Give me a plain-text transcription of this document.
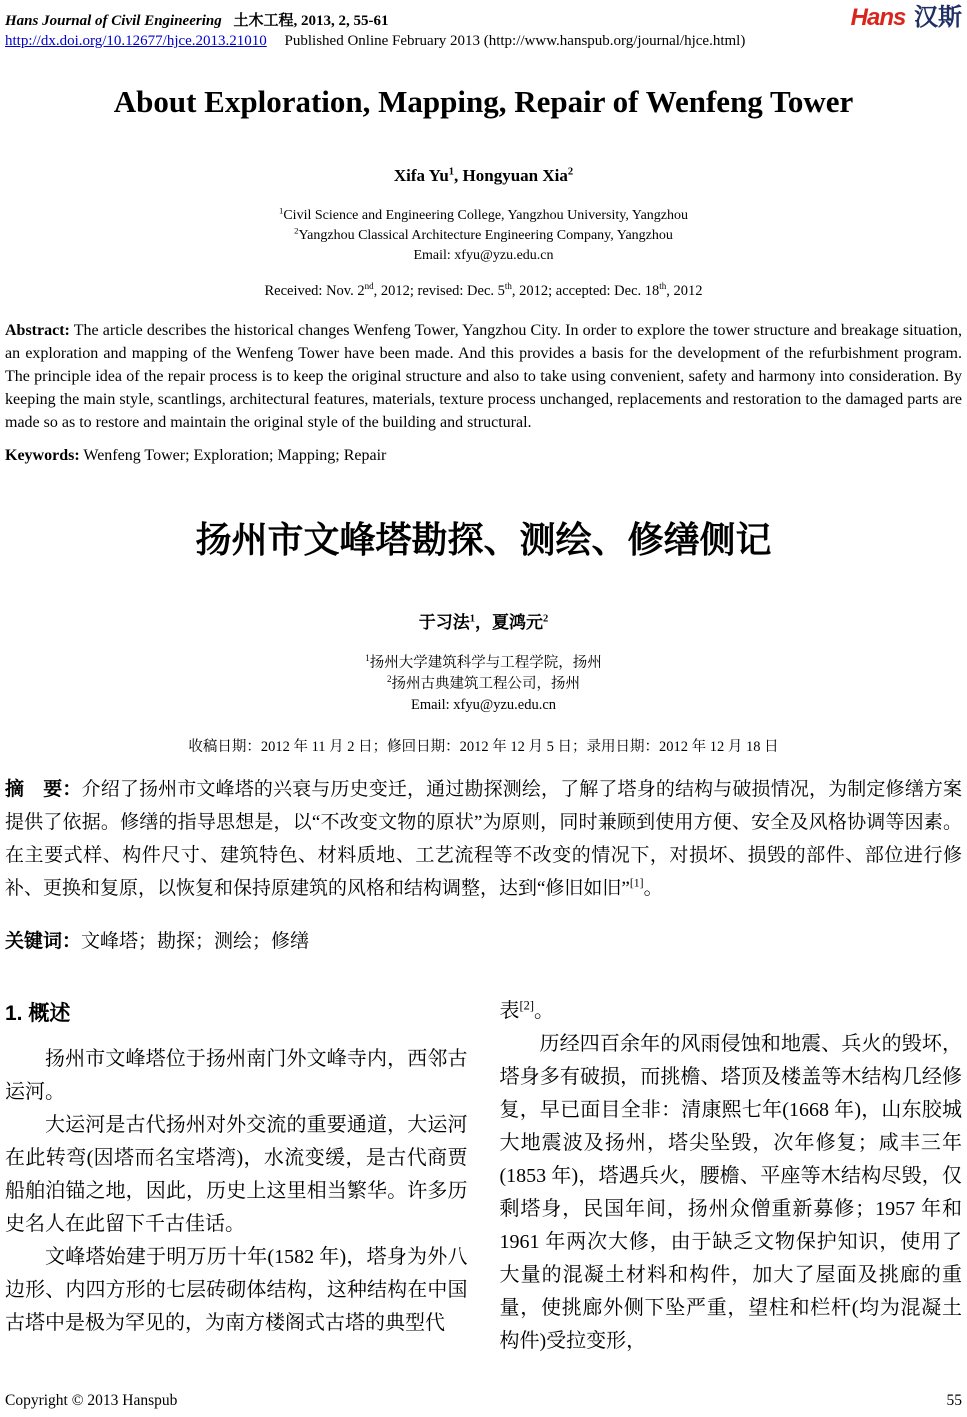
Hans Journal of Civil Engineering 土木工程, 2013, 2, 55-61	Hans 汉斯
http://dx.doi.org/10.12677/hjce.2013.21010 Published Online February 2013 (http://www.hanspub.org/journal/hjce.html)
About Exploration, Mapping, Repair of Wenfeng Tower
Xifa Yu$^1$, Hongyuan Xia$^2$
$^1$Civil Science and Engineering College, Yangzhou University, Yangzhou
$^2$Yangzhou Classical Architecture Engineering Company, Yangzhou
Email: xfyu@yzu.edu.cn
Received: Nov. 2nd, 2012; revised: Dec. 5th, 2012; accepted: Dec. 18th, 2012

Abstract: The article describes the historical changes Wenfeng Tower, Yangzhou City. In order to explore the tower structure and breakage situation, an exploration and mapping of the Wenfeng Tower have been made. And this provides a basis for the development of the refurbishment program. The principle idea of the repair process is to keep the original structure and also to take using convenient, safety and harmony into consideration. By keeping the main style, scantlings, architectural features, materials, texture process unchanged, replacements and restoration to the damaged parts are made so as to restore and maintain the original style of the building and structural.

Keywords: Wenfeng Tower; Exploration; Mapping; Repair

扬州市文峰塔勘探、测绘、修缮侧记
于习法$^1$，夏鸿元$^2$
$^1$扬州大学建筑科学与工程学院，扬州
$^2$扬州古典建筑工程公司，扬州
Email: xfyu@yzu.edu.cn
收稿日期：2012 年 11 月 2 日；修回日期：2012 年 12 月 5 日；录用日期：2012 年 12 月 18 日

摘　要：介绍了扬州市文峰塔的兴衰与历史变迁，通过勘探测绘，了解了塔身的结构与破损情况，为制定修缮方案提供了依据。修缮的指导思想是，以“不改变文物的原状”为原则，同时兼顾到使用方便、安全及风格协调等因素。在主要式样、构件尺寸、建筑特色、材料质地、工艺流程等不改变的情况下，对损坏、损毁的部件、部位进行修补、更换和复原，以恢复和保持原建筑的风格和结构调整，达到“修旧如旧”[1]。

关键词：文峰塔；勘探；测绘；修缮

1. 概述

扬州市文峰塔位于扬州南门外文峰寺内，西邻古运河。

大运河是古代扬州对外交流的重要通道，大运河在此转弯(因塔而名宝塔湾)，水流变缓，是古代商贾船舶泊锚之地，因此，历史上这里相当繁华。许多历史名人在此留下千古佳话。

文峰塔始建于明万历十年(1582 年)，塔身为外八边形、内四方形的七层砖砌体结构，这种结构在中国古塔中是极为罕见的，为南方楼阁式古塔的典型代

表[2]。

历经四百余年的风雨侵蚀和地震、兵火的毁坏，塔身多有破损，而挑檐、塔顶及楼盖等木结构几经修复，早已面目全非：清康熙七年(1668 年)，山东胶城大地震波及扬州，塔尖坠毁，次年修复；咸丰三年(1853 年)，塔遇兵火，腰檐、平座等木结构尽毁，仅剩塔身，民国年间，扬州众僧重新募修；1957 年和 1961 年两次大修，由于缺乏文物保护知识，使用了大量的混凝土材料和构件，加大了屋面及挑廊的重量，使挑廊外侧下坠严重，望柱和栏杆(均为混凝土构件)受拉变形，

Copyright © 2013 Hanspub	55
